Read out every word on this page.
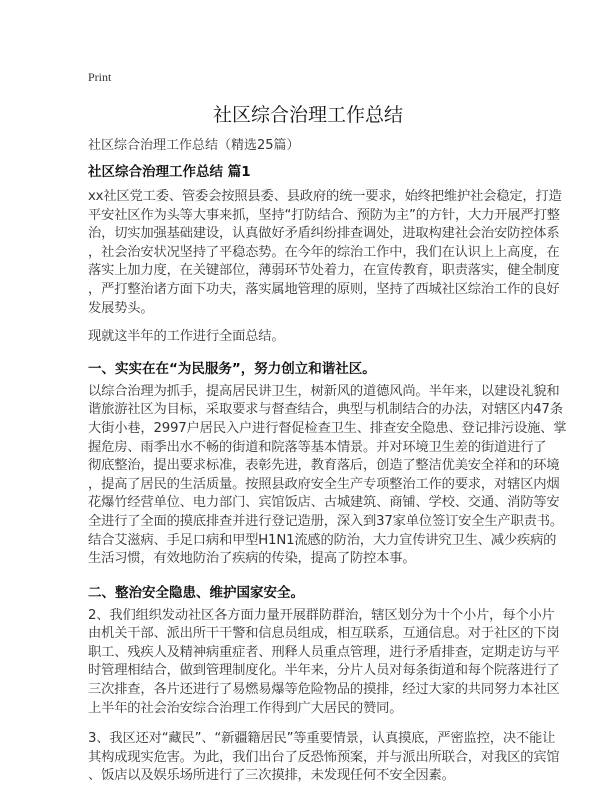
Print
社区综合治理工作总结
社区综合治理工作总结（精选25篇）
社区综合治理工作总结 篇1
xx社区党工委、管委会按照县委、县政府的统一要求，始终把维护社会稳定，打造
平安社区作为头等大事来抓，坚持“打防结合、预防为主”的方针，大力开展严打整
治，切实加强基础建设，认真做好矛盾纠纷排查调处，进取构建社会治安防控体系
，社会治安状况坚持了平稳态势。在今年的综治工作中，我们在认识上上高度，在
落实上加力度，在关键部位，薄弱环节处着力，在宣传教育，职责落实，健全制度
，严打整治诸方面下功夫，落实属地管理的原则，坚持了西城社区综治工作的良好
发展势头。
现就这半年的工作进行全面总结。
一、实实在在“为民服务”，努力创立和谐社区。
以综合治理为抓手，提高居民讲卫生，树新风的道德风尚。半年来，以建设礼貌和
谐旅游社区为目标，采取要求与督查结合，典型与机制结合的办法，对辖区内47条
大街小巷，2997户居民入户进行督促检查卫生、排查安全隐患、登记排污设施、掌
握危房、雨季出水不畅的街道和院落等基本情景。并对环境卫生差的街道进行了
彻底整治，提出要求标准，表彰先进，教育落后，创造了整洁优美安全祥和的环境
，提高了居民的生活质量。按照县政府安全生产专项整治工作的要求，对辖区内烟
花爆竹经营单位、电力部门、宾馆饭店、古城建筑、商铺、学校、交通、消防等安
全进行了全面的摸底排查并进行登记造册，深入到37家单位签订安全生产职责书。
结合艾滋病、手足口病和甲型H1N1流感的防治，大力宣传讲究卫生、减少疾病的
生活习惯，有效地防治了疾病的传染，提高了防控本事。
二、整治安全隐患、维护国家安全。
2、我们组织发动社区各方面力量开展群防群治，辖区划分为十个小片，每个小片
由机关干部、派出所干干警和信息员组成，相互联系，互通信息。对于社区的下岗
职工、残疾人及精神病重症者、刑释人员重点管理，进行矛盾排查，定期走访与平
时管理相结合，做到管理制度化。半年来，分片人员对每条街道和每个院落进行了
三次排查，各片还进行了易燃易爆等危险物品的摸排，经过大家的共同努力本社区
上半年的社会治安综合治理工作得到广大居民的赞同。
3、我区还对“藏民”、“新疆籍居民”等重要情景，认真摸底，严密监控，决不能让
其构成现实危害。为此，我们出台了反恐怖预案，并与派出所联合，对我区的宾馆
、饭店以及娱乐场所进行了三次摸排，未发现任何不安全因素。
